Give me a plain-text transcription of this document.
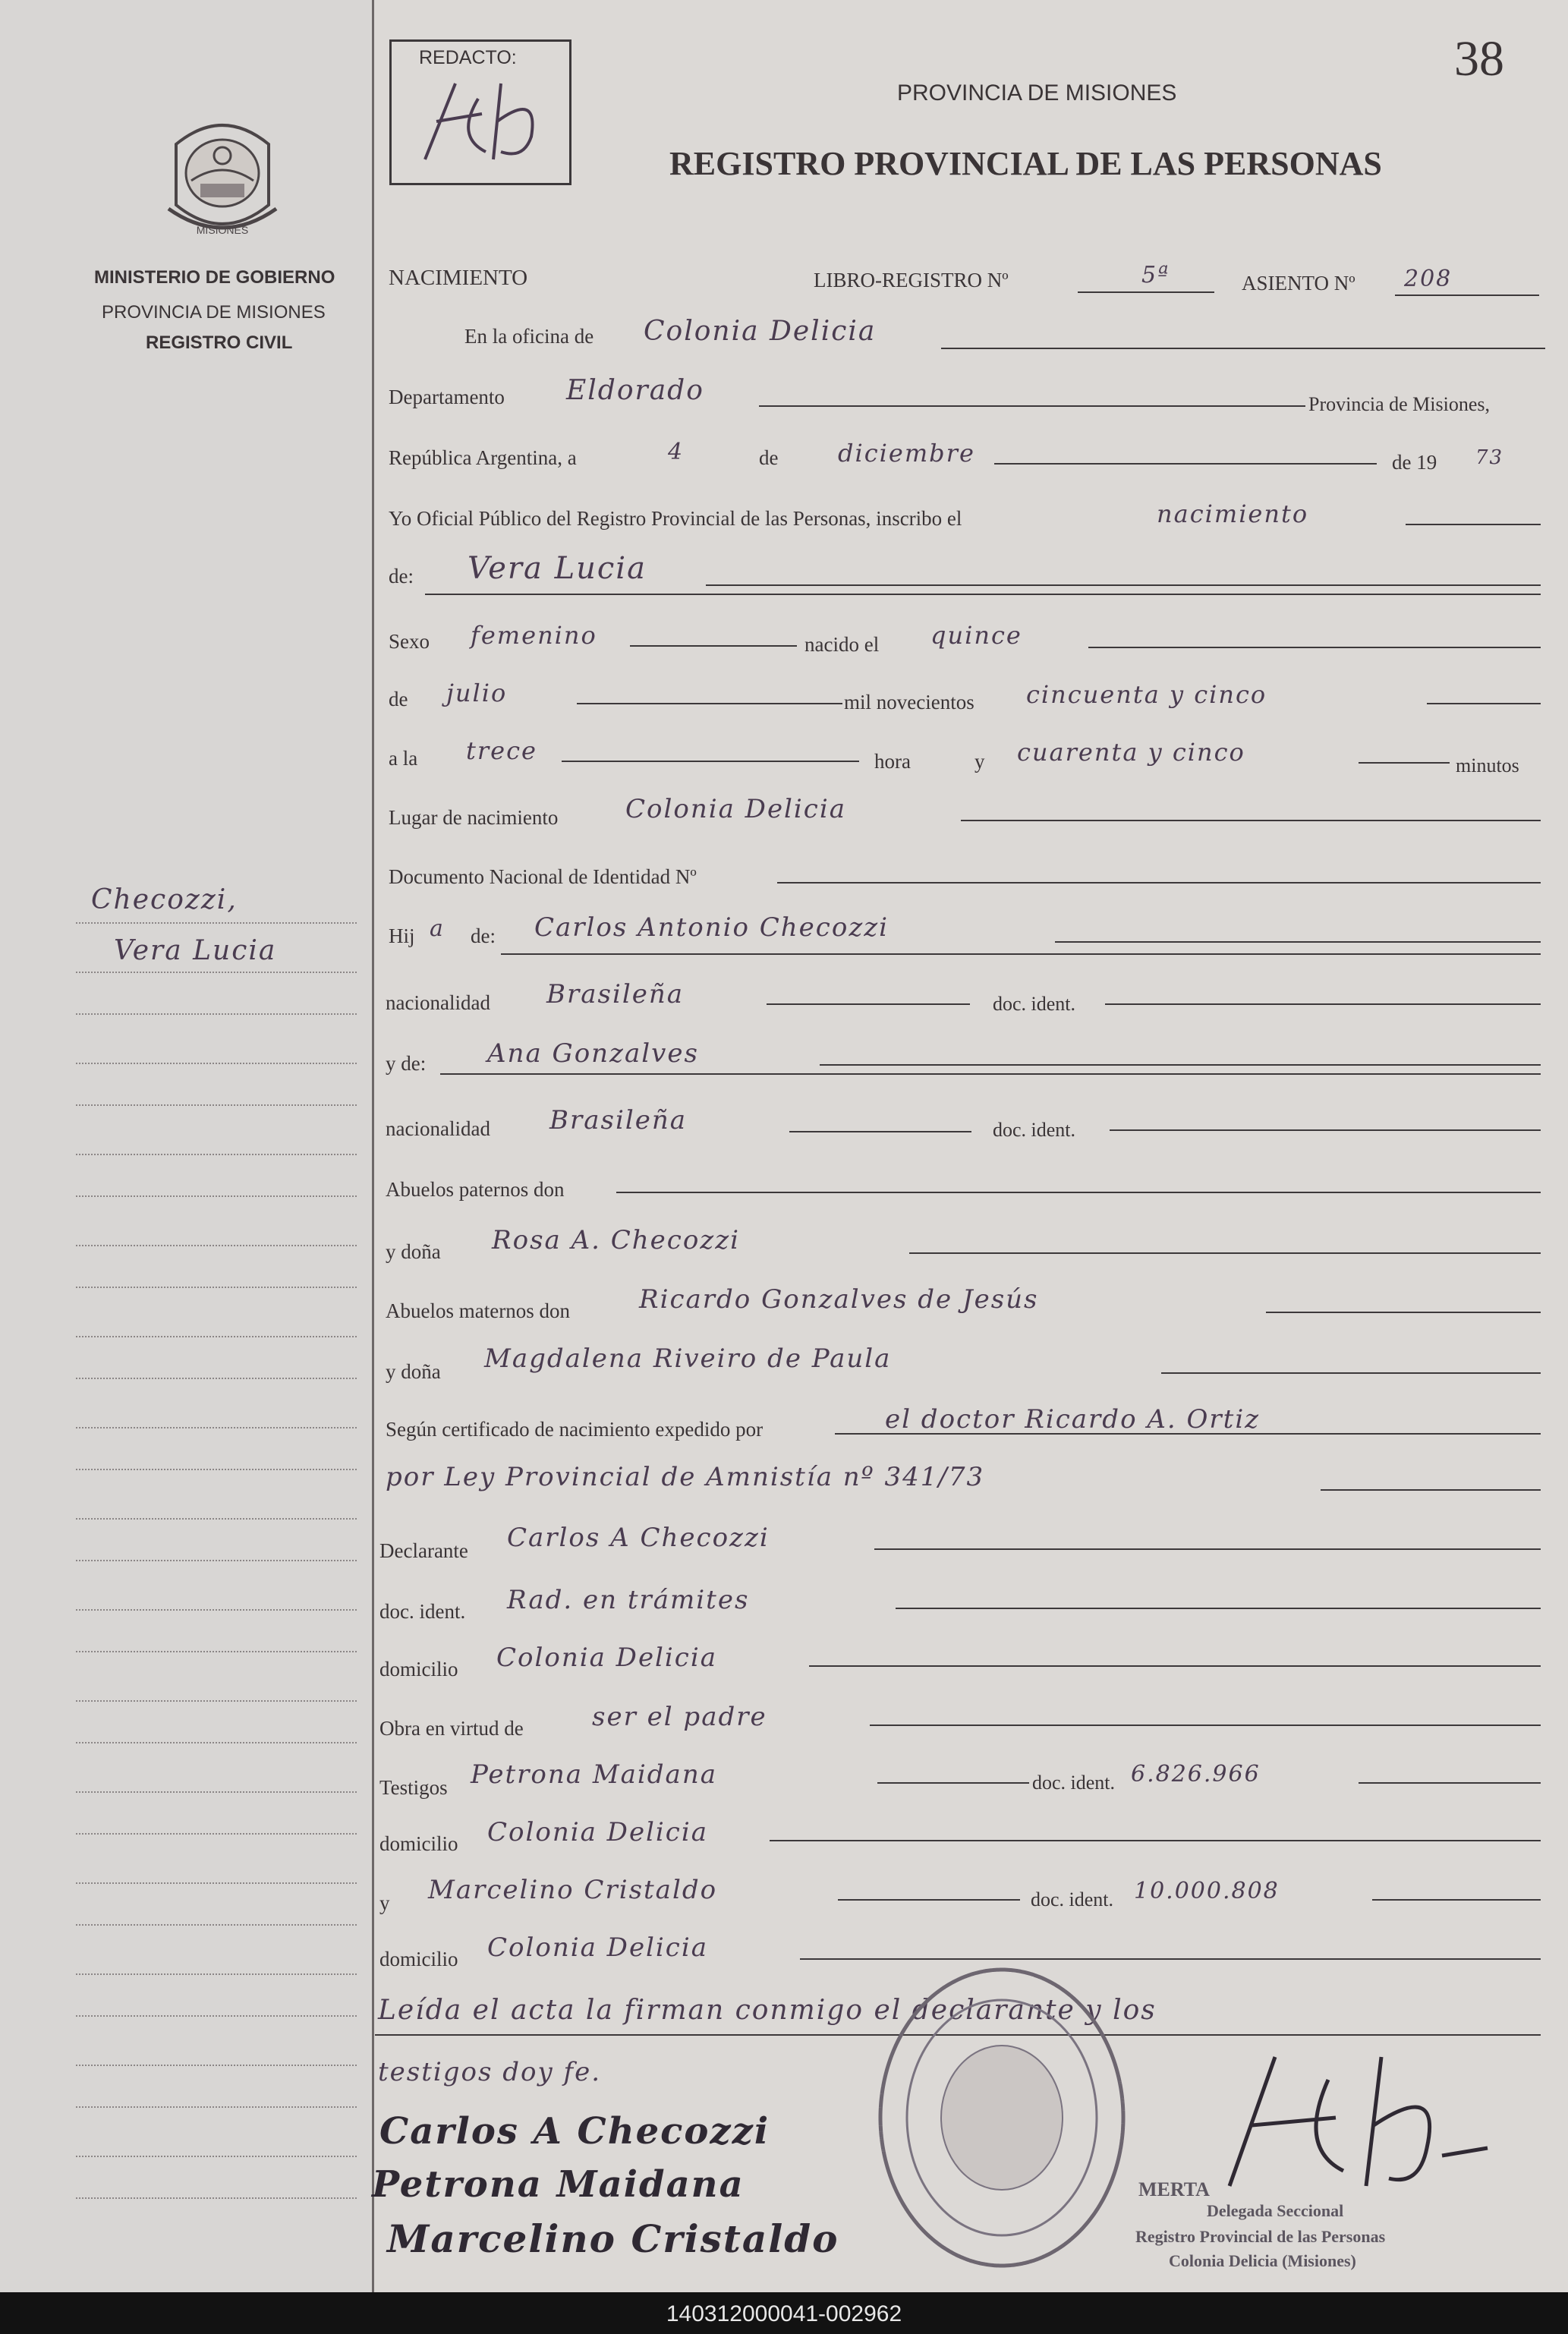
MISIONES
MINISTERIO DE GOBIERNO
PROVINCIA DE MISIONES
REGISTRO CIVIL
Checozzi,
Vera Lucia
38
REDACTO:
PROVINCIA DE MISIONES
REGISTRO PROVINCIAL DE LAS PERSONAS
NACIMIENTO	LIBRO-REGISTRO Nº	5ª	ASIENTO Nº 208
En la oficina de Colonia Delicia
Departamento Eldorado	Provincia de Misiones,
República Argentina, a	4	de diciembre	de 19 73
Yo Oficial Público del Registro Provincial de las Personas, inscribo el	nacimiento
de: Vera Lucia
Sexo femenino	nacido el quince
de julio	mil novecientos cincuenta y cinco
a la trece	hora	y cuarenta y cinco	minutos
Lugar de nacimiento	Colonia Delicia
Documento Nacional de Identidad Nº
Hij a de: Carlos Antonio Checozzi
nacionalidad Brasileña	doc. ident.
y de: Ana Gonzalves
nacionalidad Brasileña	doc. ident.
Abuelos paternos don
y doña Rosa A. Checozzi
Abuelos maternos don	Ricardo Gonzalves de Jesús
y doña Magdalena Riveiro de Paula
Según certificado de nacimiento expedido por	el doctor Ricardo A. Ortiz
por Ley Provincial de Amnistía nº 341/73
Declarante Carlos A Checozzi
doc. ident. Rad. en trámites
domicilio Colonia Delicia
Obra en virtud de	ser el padre
Testigos Petrona Maidana	doc. ident. 6.826.966
domicilio Colonia Delicia
y Marcelino Cristaldo	doc. ident. 10.000.808
domicilio Colonia Delicia
Leída el acta la firman conmigo el declarante y los
testigos doy fe.
Carlos A Checozzi
Petrona Maidana
Marcelino Cristaldo
MERTA
Delegada Seccional
Registro Provincial de las Personas
Colonia Delicia (Misiones)
140312000041-002962
